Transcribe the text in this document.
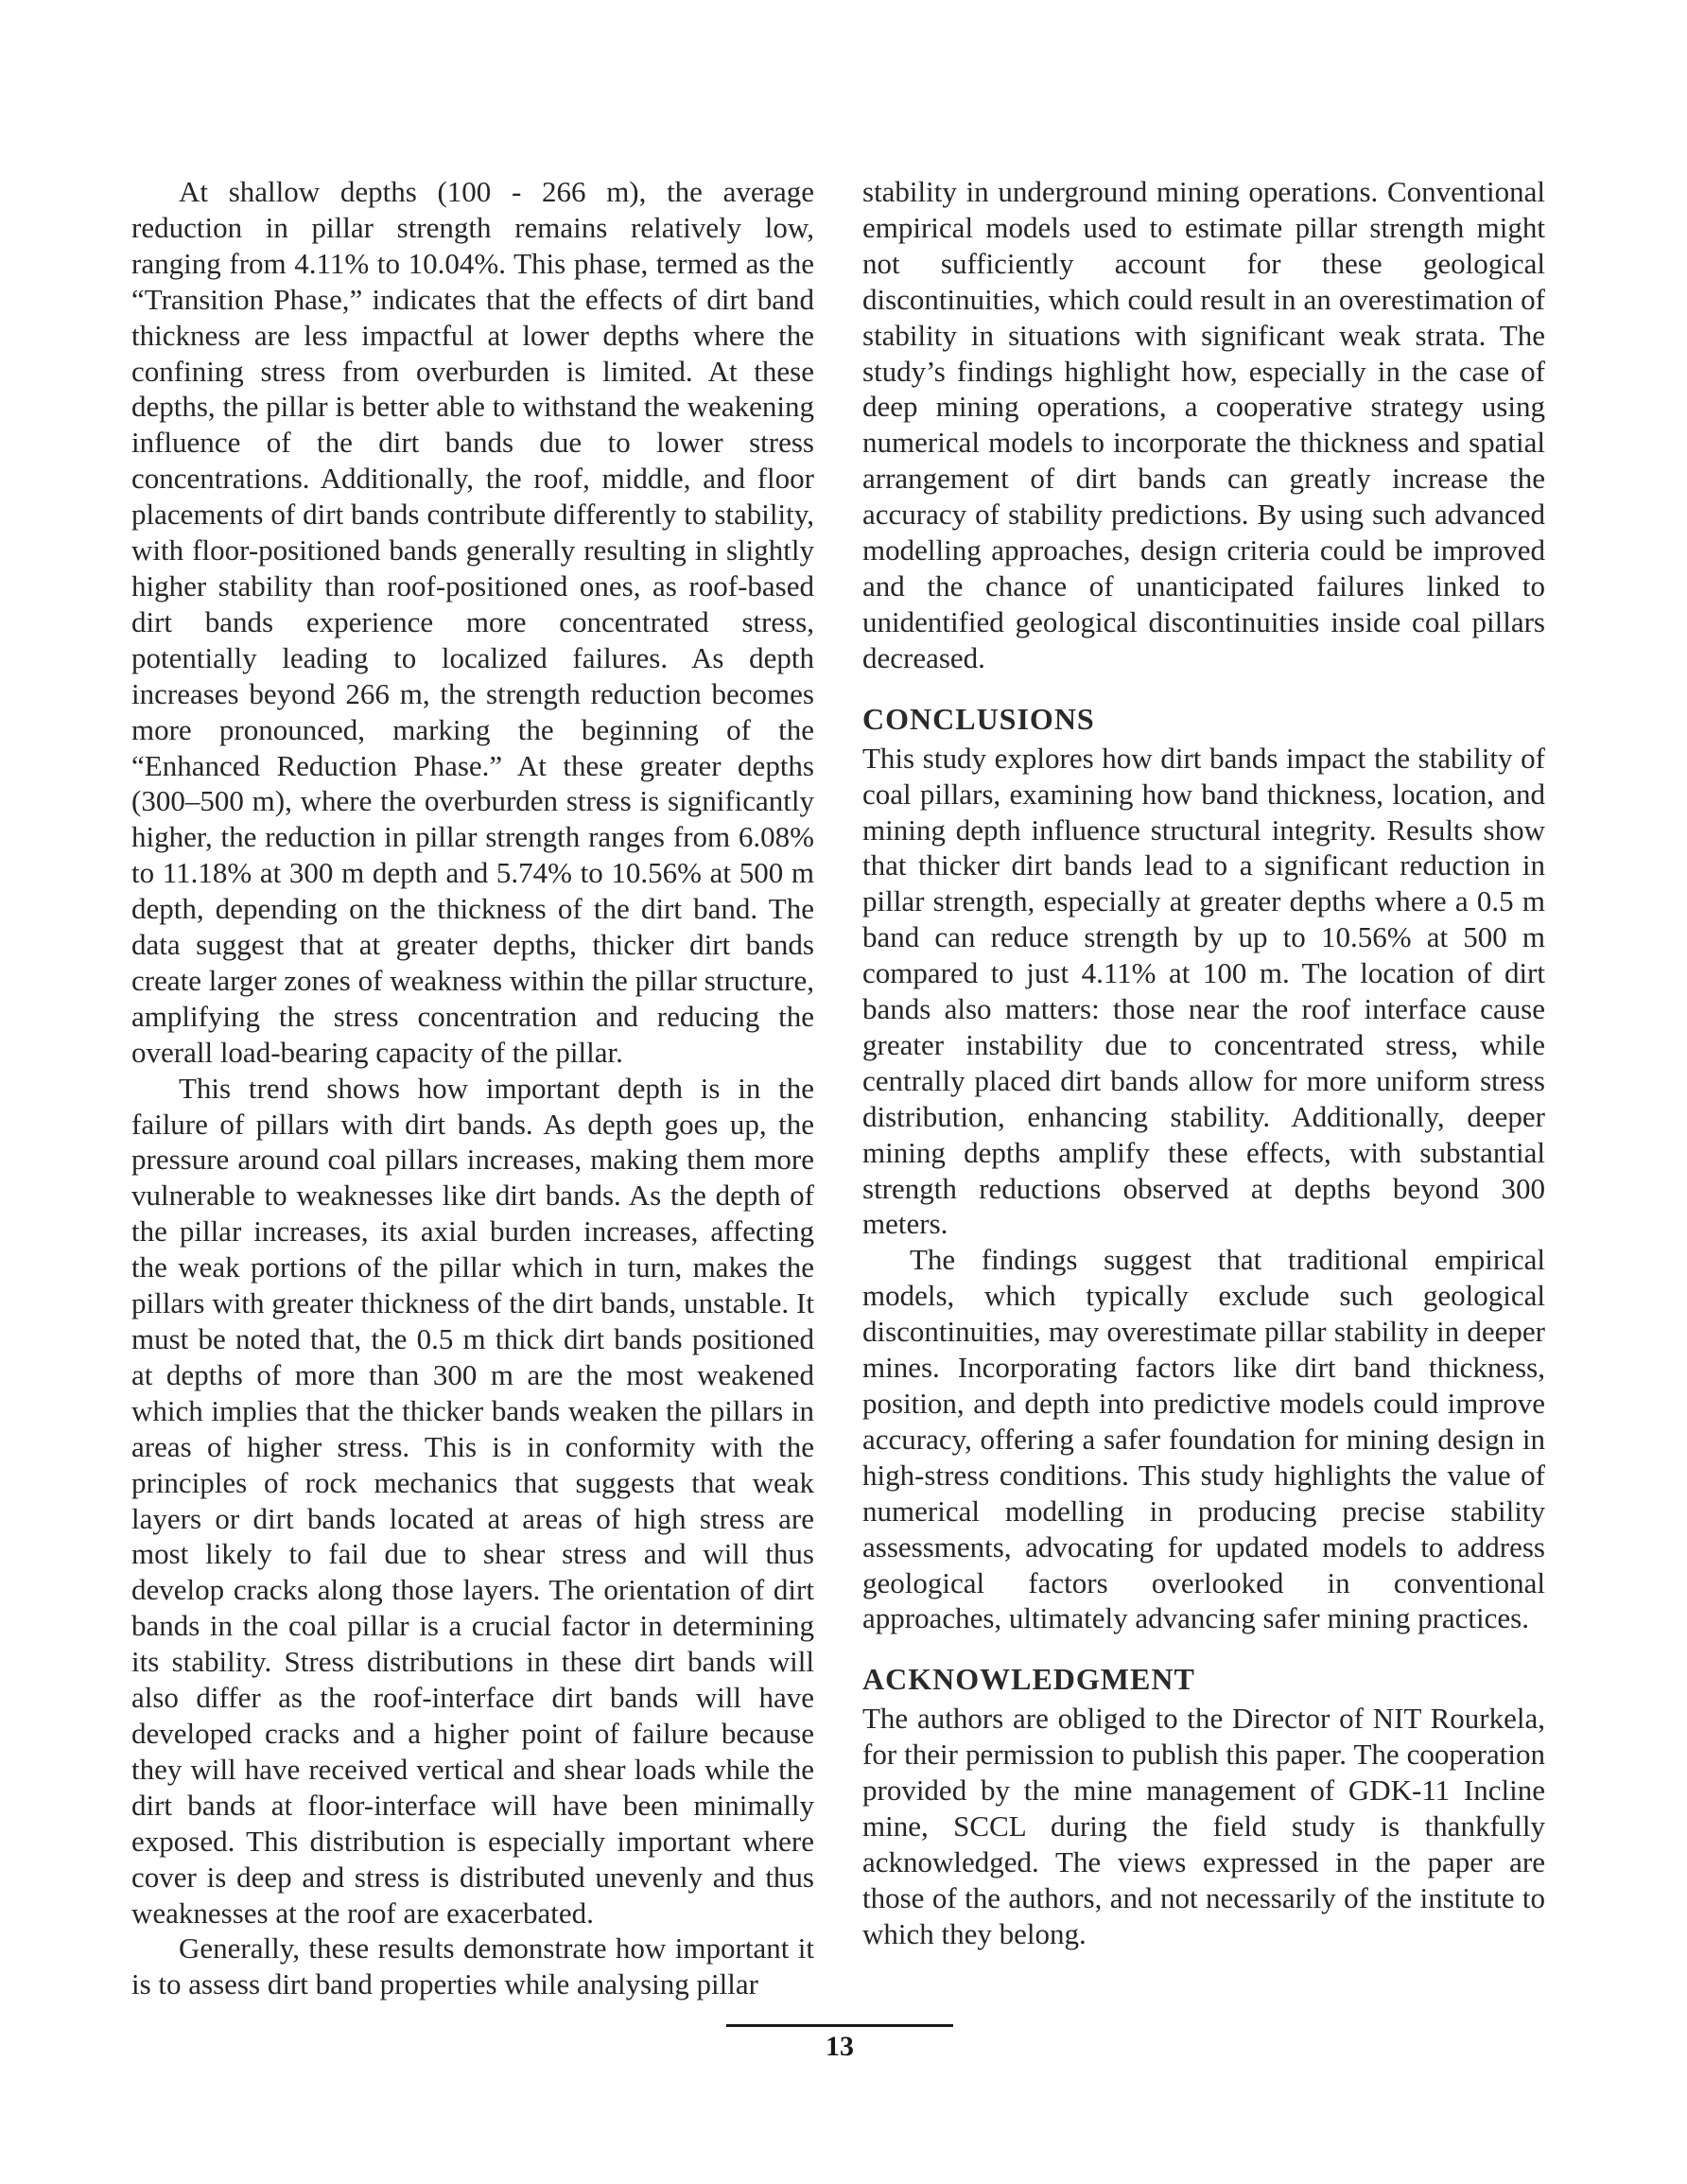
At shallow depths (100 - 266 m), the average reduction in pillar strength remains relatively low, ranging from 4.11% to 10.04%. This phase, termed as the “Transition Phase,” indicates that the effects of dirt band thickness are less impactful at lower depths where the confining stress from overburden is limited. At these depths, the pillar is better able to withstand the weakening influence of the dirt bands due to lower stress concentrations. Additionally, the roof, middle, and floor placements of dirt bands contribute differently to stability, with floor-positioned bands generally resulting in slightly higher stability than roof-positioned ones, as roof-based dirt bands experience more concentrated stress, potentially leading to localized failures. As depth increases beyond 266 m, the strength reduction becomes more pronounced, marking the beginning of the “Enhanced Reduction Phase.” At these greater depths (300–500 m), where the overburden stress is significantly higher, the reduction in pillar strength ranges from 6.08% to 11.18% at 300 m depth and 5.74% to 10.56% at 500 m depth, depending on the thickness of the dirt band. The data suggest that at greater depths, thicker dirt bands create larger zones of weakness within the pillar structure, amplifying the stress concentration and reducing the overall load-bearing capacity of the pillar.

This trend shows how important depth is in the failure of pillars with dirt bands. As depth goes up, the pressure around coal pillars increases, making them more vulnerable to weaknesses like dirt bands. As the depth of the pillar increases, its axial burden increases, affecting the weak portions of the pillar which in turn, makes the pillars with greater thickness of the dirt bands, unstable. It must be noted that, the 0.5 m thick dirt bands positioned at depths of more than 300 m are the most weakened which implies that the thicker bands weaken the pillars in areas of higher stress. This is in conformity with the principles of rock mechanics that suggests that weak layers or dirt bands located at areas of high stress are most likely to fail due to shear stress and will thus develop cracks along those layers. The orientation of dirt bands in the coal pillar is a crucial factor in determining its stability. Stress distributions in these dirt bands will also differ as the roof-interface dirt bands will have developed cracks and a higher point of failure because they will have received vertical and shear loads while the dirt bands at floor-interface will have been minimally exposed. This distribution is especially important where cover is deep and stress is distributed unevenly and thus weaknesses at the roof are exacerbated.

Generally, these results demonstrate how important it is to assess dirt band properties while analysing pillar

stability in underground mining operations. Conventional empirical models used to estimate pillar strength might not sufficiently account for these geological discontinuities, which could result in an overestimation of stability in situations with significant weak strata. The study’s findings highlight how, especially in the case of deep mining operations, a cooperative strategy using numerical models to incorporate the thickness and spatial arrangement of dirt bands can greatly increase the accuracy of stability predictions. By using such advanced modelling approaches, design criteria could be improved and the chance of unanticipated failures linked to unidentified geological discontinuities inside coal pillars decreased.

CONCLUSIONS

This study explores how dirt bands impact the stability of coal pillars, examining how band thickness, location, and mining depth influence structural integrity. Results show that thicker dirt bands lead to a significant reduction in pillar strength, especially at greater depths where a 0.5 m band can reduce strength by up to 10.56% at 500 m compared to just 4.11% at 100 m. The location of dirt bands also matters: those near the roof interface cause greater instability due to concentrated stress, while centrally placed dirt bands allow for more uniform stress distribution, enhancing stability. Additionally, deeper mining depths amplify these effects, with substantial strength reductions observed at depths beyond 300 meters.

The findings suggest that traditional empirical models, which typically exclude such geological discontinuities, may overestimate pillar stability in deeper mines. Incorporating factors like dirt band thickness, position, and depth into predictive models could improve accuracy, offering a safer foundation for mining design in high-stress conditions. This study highlights the value of numerical modelling in producing precise stability assessments, advocating for updated models to address geological factors overlooked in conventional approaches, ultimately advancing safer mining practices.

ACKNOWLEDGMENT

The authors are obliged to the Director of NIT Rourkela, for their permission to publish this paper. The cooperation provided by the mine management of GDK-11 Incline mine, SCCL during the field study is thankfully acknowledged. The views expressed in the paper are those of the authors, and not necessarily of the institute to which they belong.

13
